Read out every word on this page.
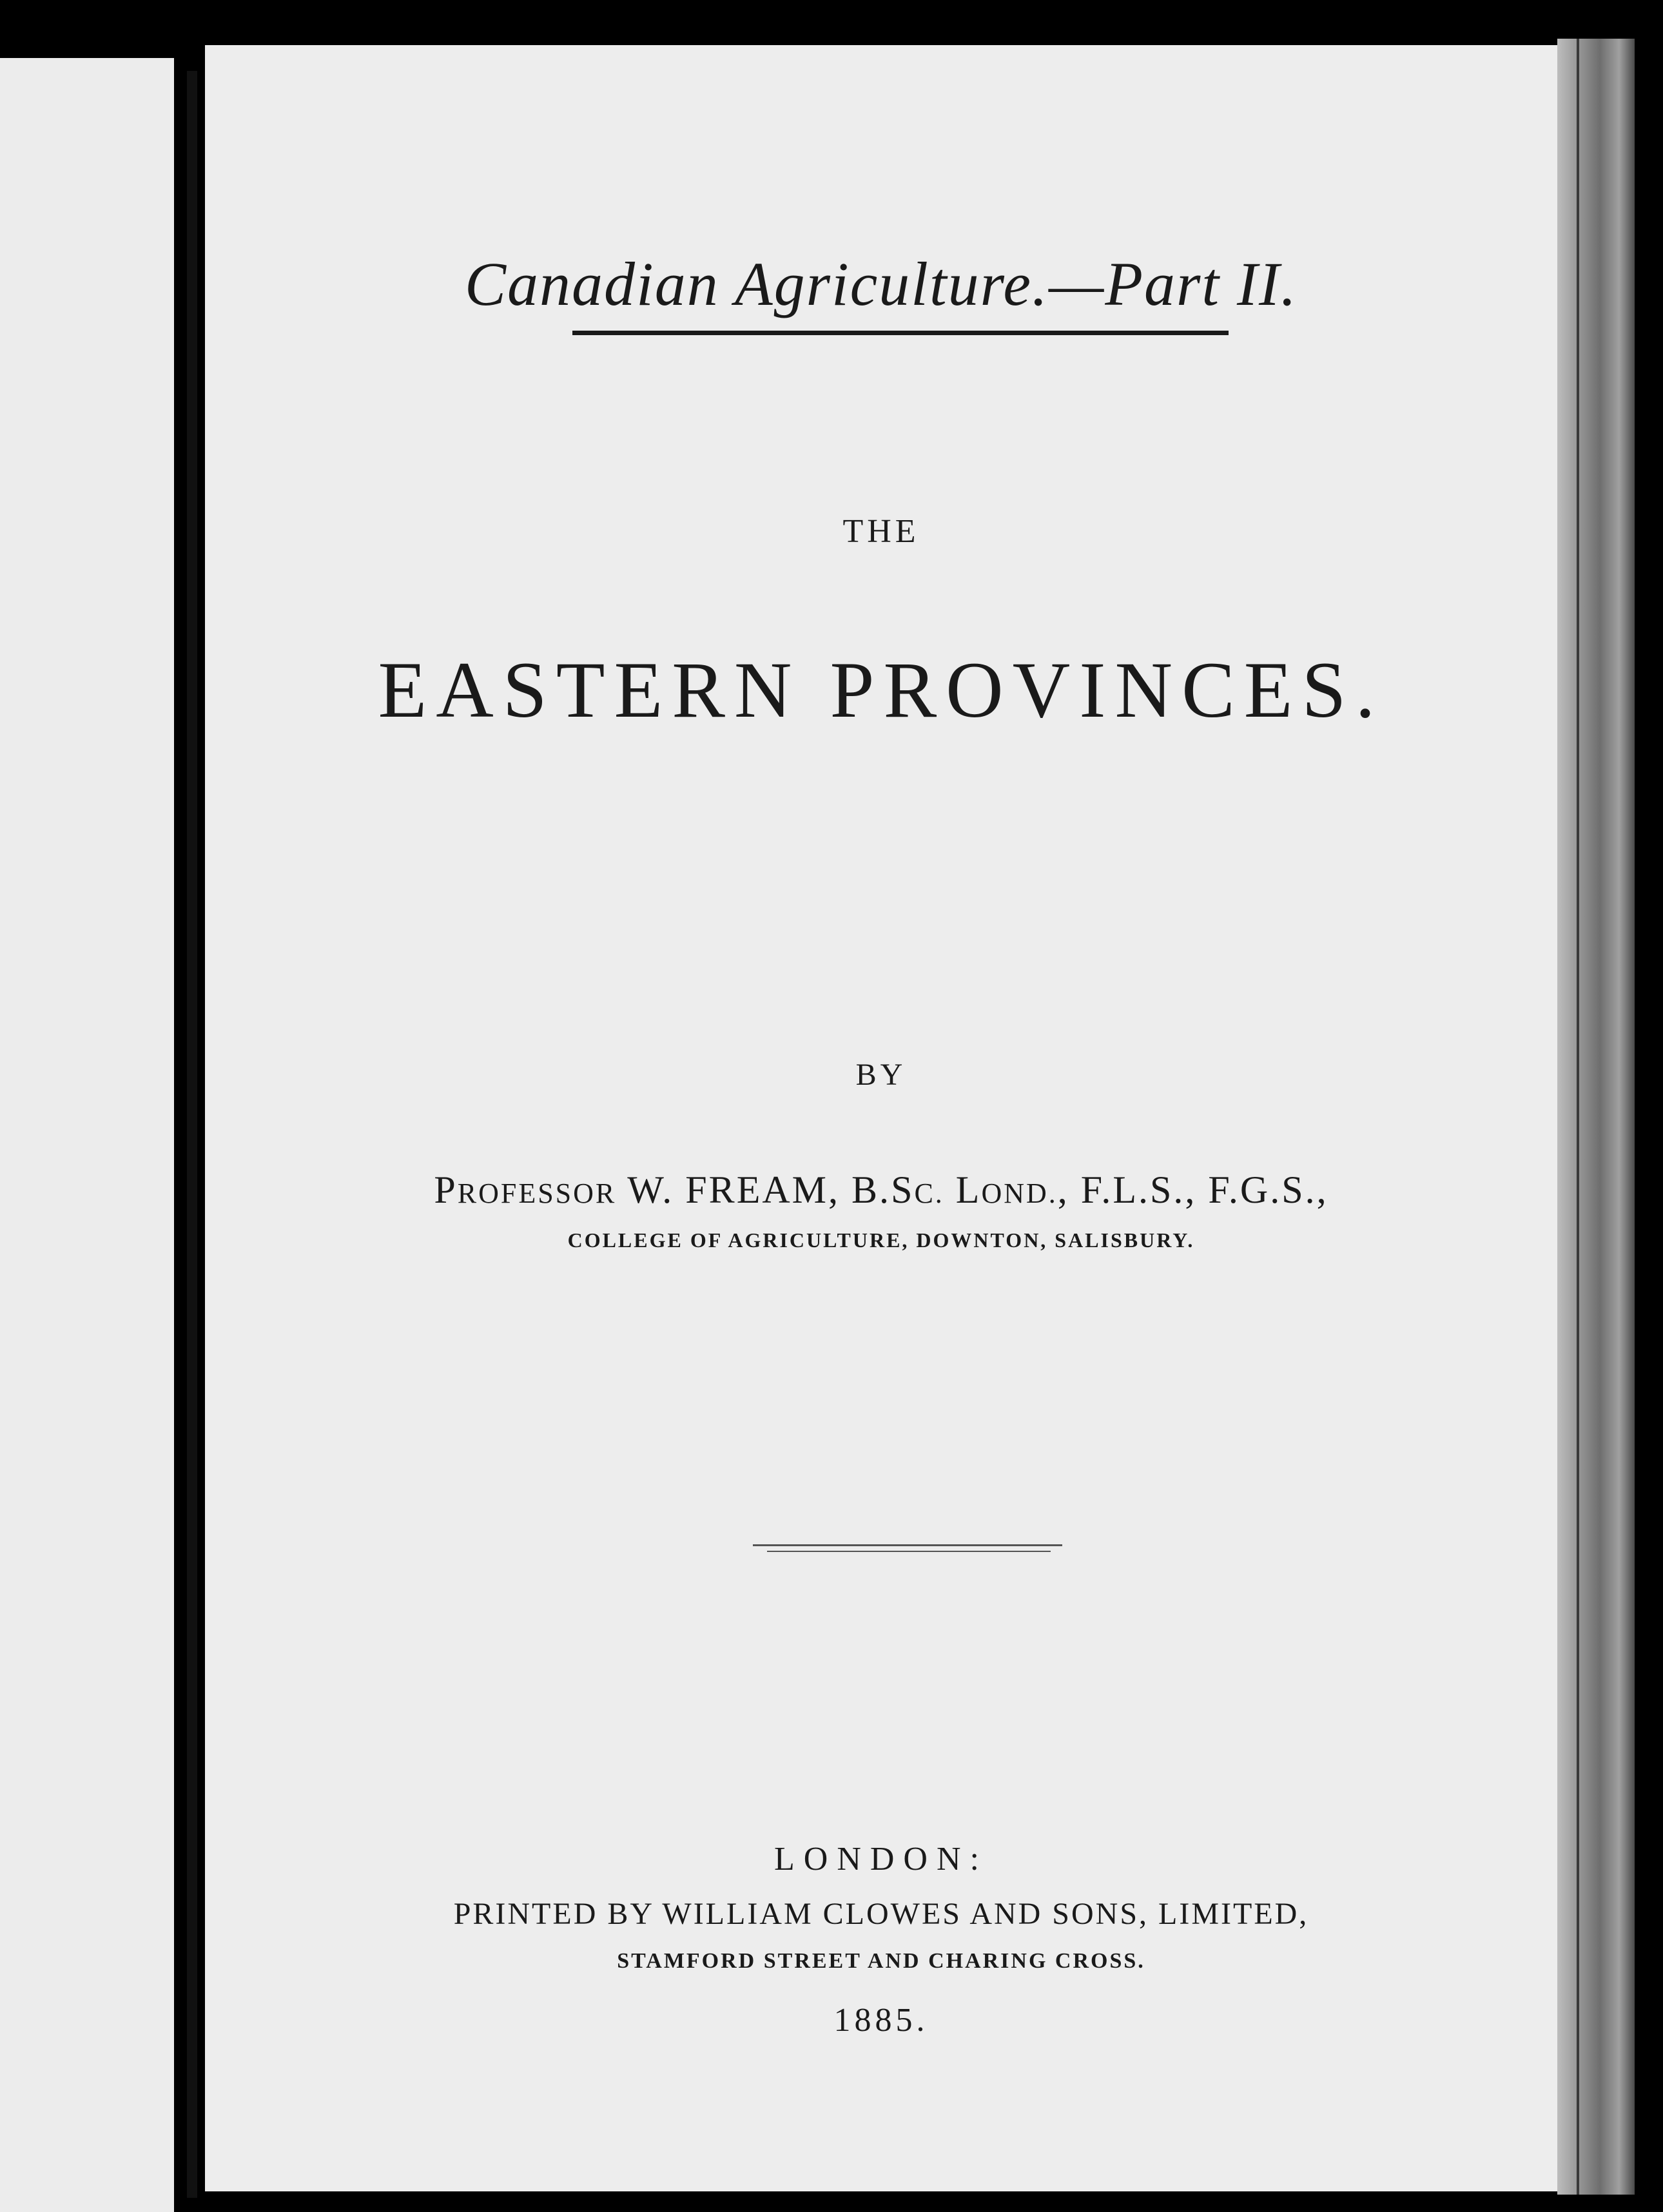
Canadian Agriculture.—Part II.
THE
EASTERN PROVINCES.
BY
PROFESSOR W. FREAM, B.SC. LOND., F.L.S., F.G.S.,
COLLEGE OF AGRICULTURE, DOWNTON, SALISBURY.
LONDON:
PRINTED BY WILLIAM CLOWES AND SONS, LIMITED,
STAMFORD STREET AND CHARING CROSS.
1885.
